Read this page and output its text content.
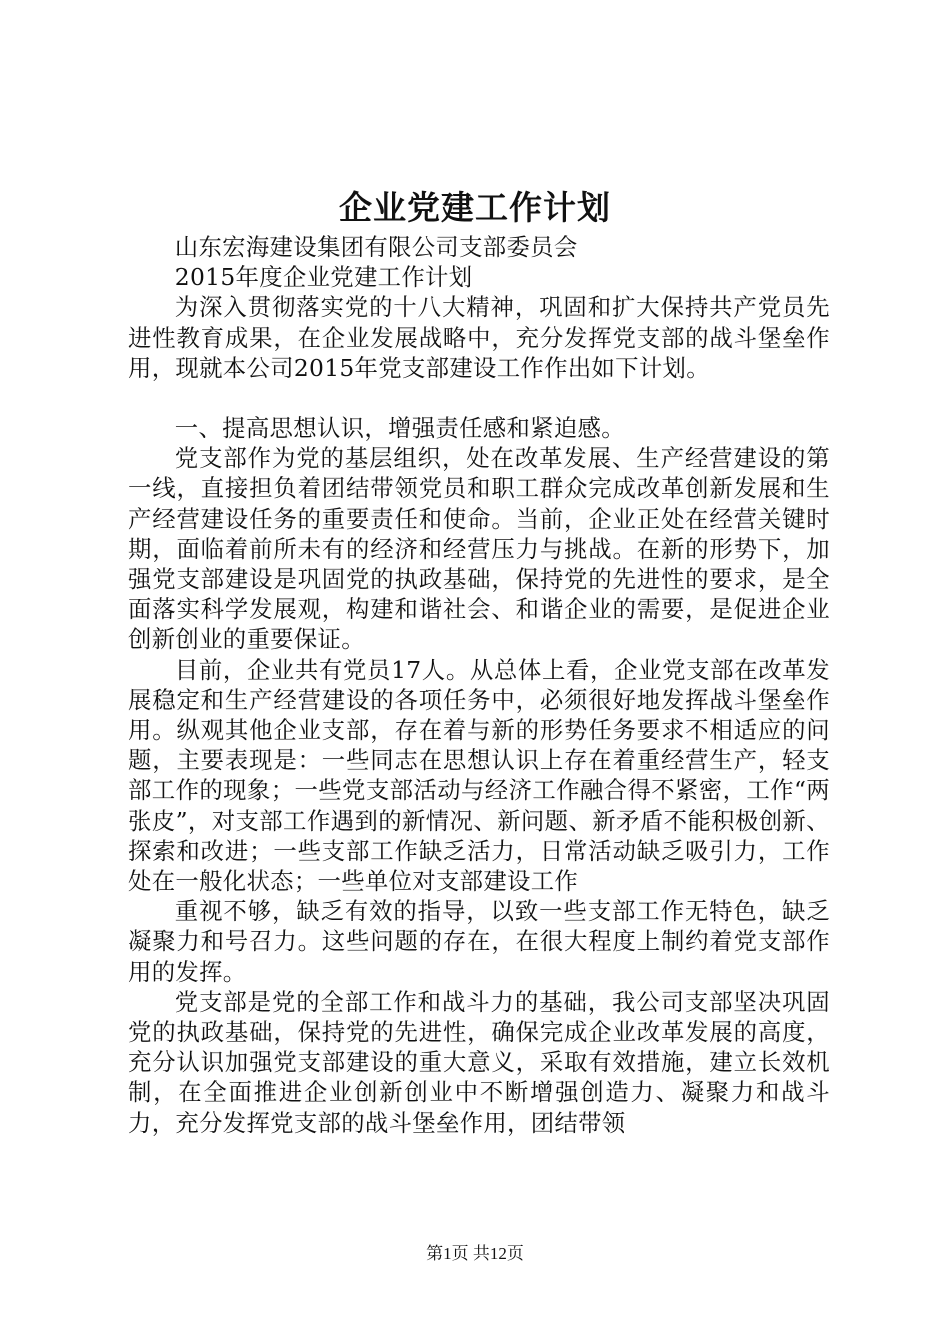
企业党建工作计划

山东宏海建设集团有限公司支部委员会

2015年度企业党建工作计划

为深入贯彻落实党的十八大精神，巩固和扩大保持共产党员先进性教育成果，在企业发展战略中，充分发挥党支部的战斗堡垒作用，现就本公司2015年党支部建设工作作出如下计划。

一、提高思想认识，增强责任感和紧迫感。

党支部作为党的基层组织，处在改革发展、生产经营建设的第一线，直接担负着团结带领党员和职工群众完成改革创新发展和生产经营建设任务的重要责任和使命。当前，企业正处在经营关键时期，面临着前所未有的经济和经营压力与挑战。在新的形势下，加强党支部建设是巩固党的执政基础，保持党的先进性的要求，是全面落实科学发展观，构建和谐社会、和谐企业的需要，是促进企业创新创业的重要保证。

目前，企业共有党员17人。从总体上看，企业党支部在改革发展稳定和生产经营建设的各项任务中，必须很好地发挥战斗堡垒作用。纵观其他企业支部，存在着与新的形势任务要求不相适应的问题，主要表现是：一些同志在思想认识上存在着重经营生产，轻支部工作的现象；一些党支部活动与经济工作融合得不紧密，工作“两张皮”，对支部工作遇到的新情况、新问题、新矛盾不能积极创新、探索和改进；一些支部工作缺乏活力，日常活动缺乏吸引力，工作处在一般化状态；一些单位对支部建设工作

重视不够，缺乏有效的指导，以致一些支部工作无特色，缺乏凝聚力和号召力。这些问题的存在，在很大程度上制约着党支部作用的发挥。

党支部是党的全部工作和战斗力的基础，我公司支部坚决巩固党的执政基础，保持党的先进性，确保完成企业改革发展的高度，充分认识加强党支部建设的重大意义，采取有效措施，建立长效机制，在全面推进企业创新创业中不断增强创造力、凝聚力和战斗力，充分发挥党支部的战斗堡垒作用，团结带领

第1页 共12页
